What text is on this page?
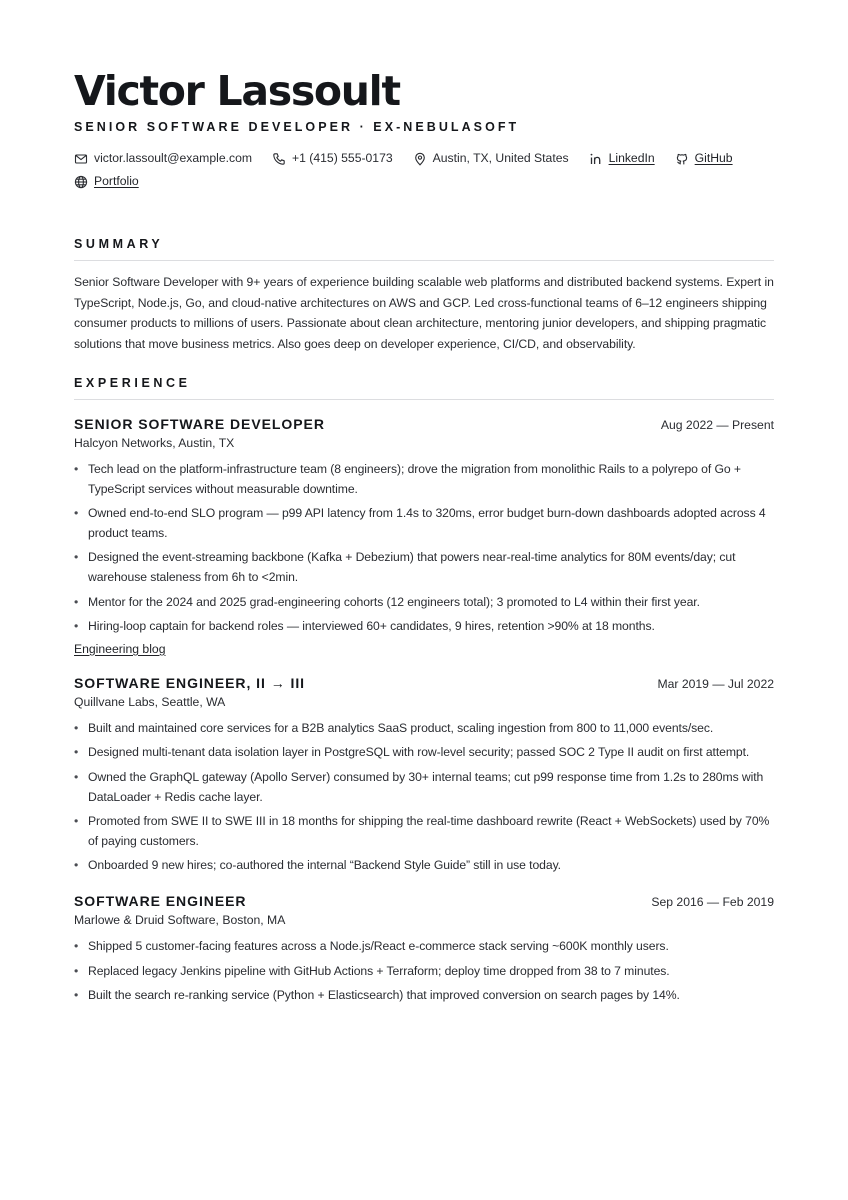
Victor Lassoult
SENIOR SOFTWARE DEVELOPER · EX-NEBULASOFT
victor.lassoult@example.com	+1 (415) 555-0173	Austin, TX, United States	LinkedIn	GitHub
Portfolio
SUMMARY
Senior Software Developer with 9+ years of experience building scalable web platforms and distributed backend systems. Expert in TypeScript, Node.js, Go, and cloud-native architectures on AWS and GCP. Led cross-functional teams of 6–12 engineers shipping consumer products to millions of users. Passionate about clean architecture, mentoring junior developers, and shipping pragmatic solutions that move business metrics. Also goes deep on developer experience, CI/CD, and observability.
EXPERIENCE
SENIOR SOFTWARE DEVELOPER	Aug 2022 — Present
Halcyon Networks, Austin, TX
• Tech lead on the platform-infrastructure team (8 engineers); drove the migration from monolithic Rails to a polyrepo of Go + TypeScript services without measurable downtime.
• Owned end-to-end SLO program — p99 API latency from 1.4s to 320ms, error budget burn-down dashboards adopted across 4 product teams.
• Designed the event-streaming backbone (Kafka + Debezium) that powers near-real-time analytics for 80M events/day; cut warehouse staleness from 6h to <2min.
• Mentor for the 2024 and 2025 grad-engineering cohorts (12 engineers total); 3 promoted to L4 within their first year.
• Hiring-loop captain for backend roles — interviewed 60+ candidates, 9 hires, retention >90% at 18 months.
Engineering blog
SOFTWARE ENGINEER, II → III	Mar 2019 — Jul 2022
Quillvane Labs, Seattle, WA
• Built and maintained core services for a B2B analytics SaaS product, scaling ingestion from 800 to 11,000 events/sec.
• Designed multi-tenant data isolation layer in PostgreSQL with row-level security; passed SOC 2 Type II audit on first attempt.
• Owned the GraphQL gateway (Apollo Server) consumed by 30+ internal teams; cut p99 response time from 1.2s to 280ms with DataLoader + Redis cache layer.
• Promoted from SWE II to SWE III in 18 months for shipping the real-time dashboard rewrite (React + WebSockets) used by 70% of paying customers.
• Onboarded 9 new hires; co-authored the internal “Backend Style Guide” still in use today.
SOFTWARE ENGINEER	Sep 2016 — Feb 2019
Marlowe & Druid Software, Boston, MA
• Shipped 5 customer-facing features across a Node.js/React e-commerce stack serving ~600K monthly users.
• Replaced legacy Jenkins pipeline with GitHub Actions + Terraform; deploy time dropped from 38 to 7 minutes.
• Built the search re-ranking service (Python + Elasticsearch) that improved conversion on search pages by 14%.
